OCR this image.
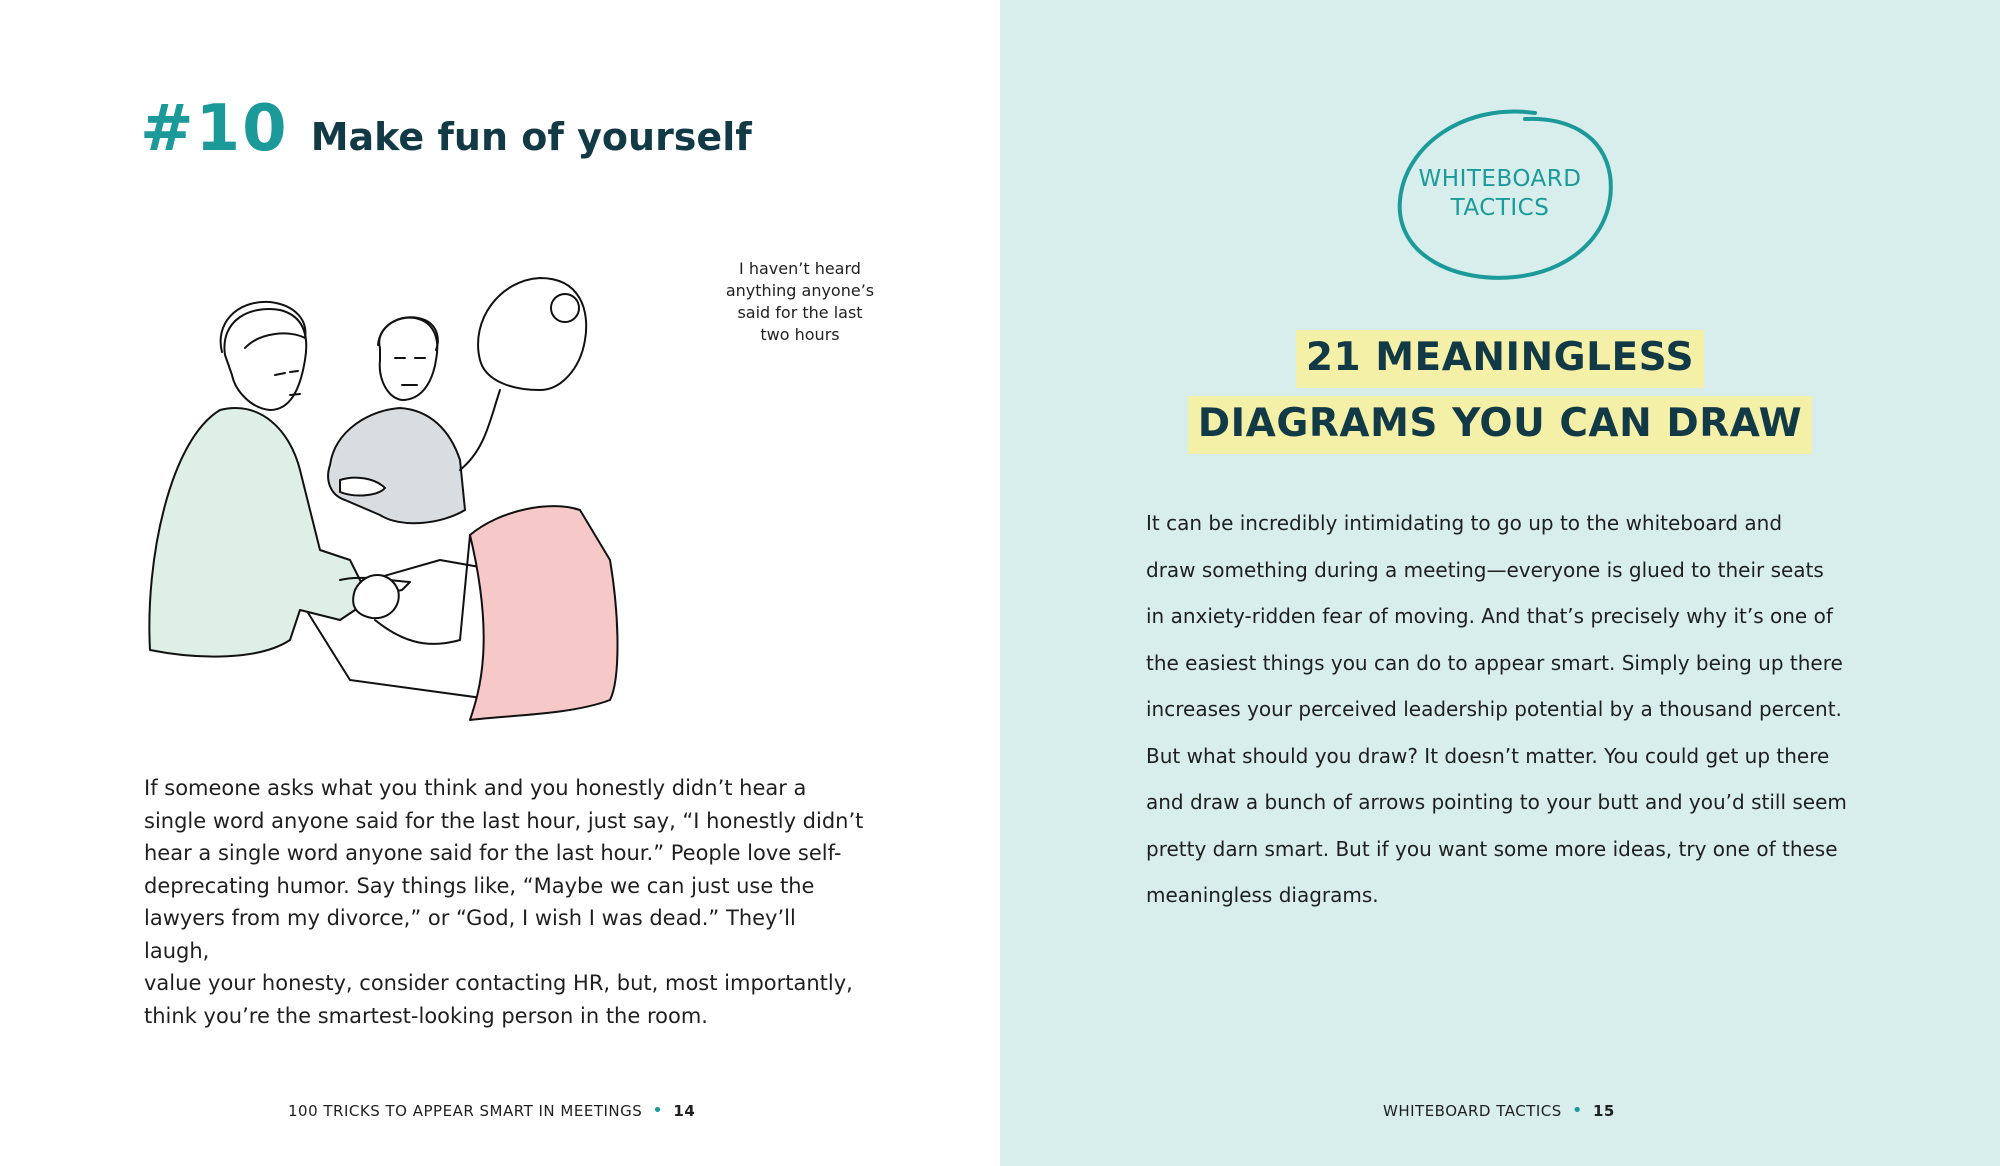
#10 Make fun of yourself
I haven’t heard
anything anyone’s
said for the last
two hours
If someone asks what you think and you honestly didn’t hear a
single word anyone said for the last hour, just say, “I honestly didn’t
hear a single word anyone said for the last hour.” People love self-
deprecating humor. Say things like, “Maybe we can just use the
lawyers from my divorce,” or “God, I wish I was dead.” They’ll laugh,
value your honesty, consider contacting HR, but, most importantly,
think you’re the smartest-looking person in the room.
100 TRICKS TO APPEAR SMART IN MEETINGS • 14
WHITEBOARD
TACTICS
21 MEANINGLESS
DIAGRAMS YOU CAN DRAW
It can be incredibly intimidating to go up to the whiteboard and
draw something during a meeting—everyone is glued to their seats
in anxiety-ridden fear of moving. And that’s precisely why it’s one of
the easiest things you can do to appear smart. Simply being up there
increases your perceived leadership potential by a thousand percent.
But what should you draw? It doesn’t matter. You could get up there
and draw a bunch of arrows pointing to your butt and you’d still seem
pretty darn smart. But if you want some more ideas, try one of these
meaningless diagrams.
WHITEBOARD TACTICS • 15
